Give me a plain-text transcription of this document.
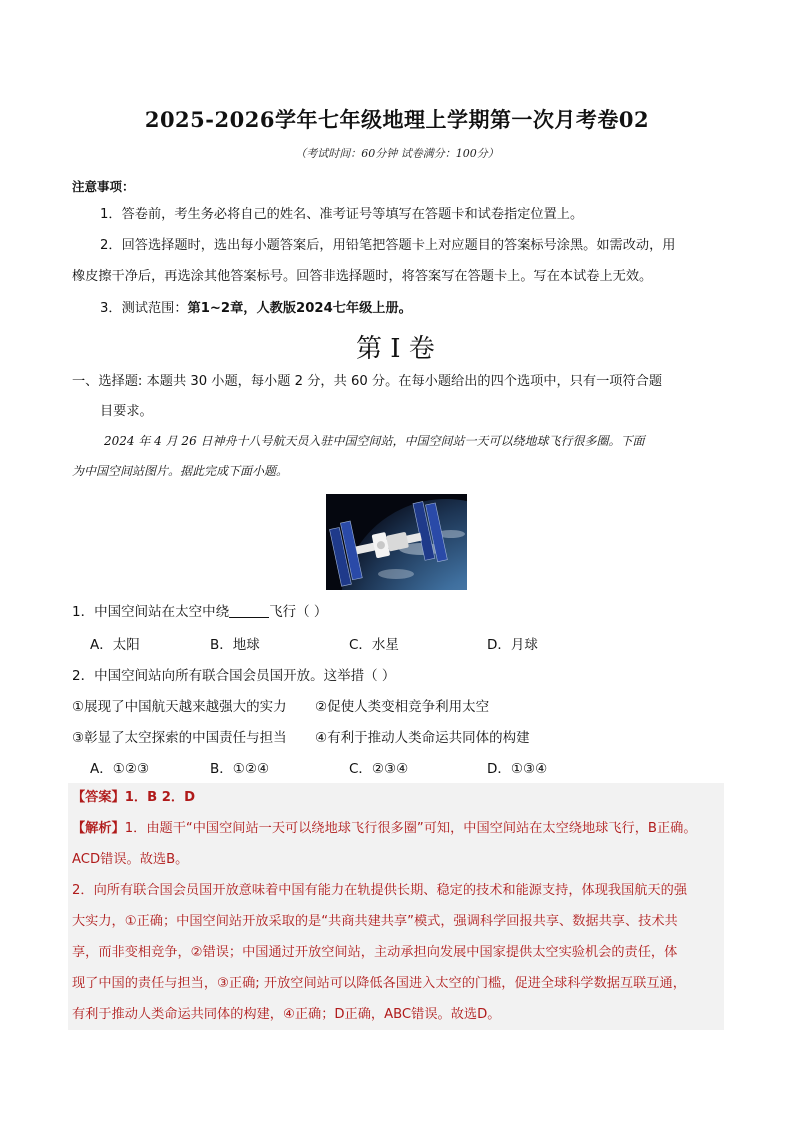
2025-2026学年七年级地理上学期第一次月考卷02
（考试时间：60分钟 试卷满分：100分）
注意事项：
1．答卷前，考生务必将自己的姓名、准考证号等填写在答题卡和试卷指定位置上。
2．回答选择题时，选出每小题答案后，用铅笔把答题卡上对应题目的答案标号涂黑。如需改动，用
橡皮擦干净后，再选涂其他答案标号。回答非选择题时，将答案写在答题卡上。写在本试卷上无效。
3．测试范围：第1~2章，人教版2024七年级上册。
第 I 卷
一、选择题: 本题共 30 小题，每小题 2 分，共 60 分。在每小题给出的四个选项中，只有一项符合题
目要求。
2024 年 4 月 26 日神舟十八号航天员入驻中国空间站，中国空间站一天可以绕地球飞行很多圈。下面
为中国空间站图片。据此完成下面小题。
1．中国空间站在太空中绕	飞行（ ）
A．太阳	B．地球	C．水星	D．月球
2．中国空间站向所有联合国会员国开放。这举措（ ）
①展现了中国航天越来越强大的实力 ②促使人类变相竞争利用太空
③彰显了太空探索的中国责任与担当 ④有利于推动人类命运共同体的构建
A．①②③	B．①②④	C．②③④	D．①③④
【答案】1．B 2．D
【解析】1．由题干“中国空间站一天可以绕地球飞行很多圈”可知，中国空间站在太空绕地球飞行，B正确。
ACD错误。故选B。
2．向所有联合国会员国开放意味着中国有能力在轨提供长期、稳定的技术和能源支持，体现我国航天的强
大实力，①正确；中国空间站开放采取的是“共商共建共享”模式，强调科学回报共享、数据共享、技术共
享，而非变相竞争，②错误；中国通过开放空间站，主动承担向发展中国家提供太空实验机会的责任，体
现了中国的责任与担当，③正确; 开放空间站可以降低各国进入太空的门槛，促进全球科学数据互联互通，
有利于推动人类命运共同体的构建，④正确；D正确，ABC错误。故选D。
